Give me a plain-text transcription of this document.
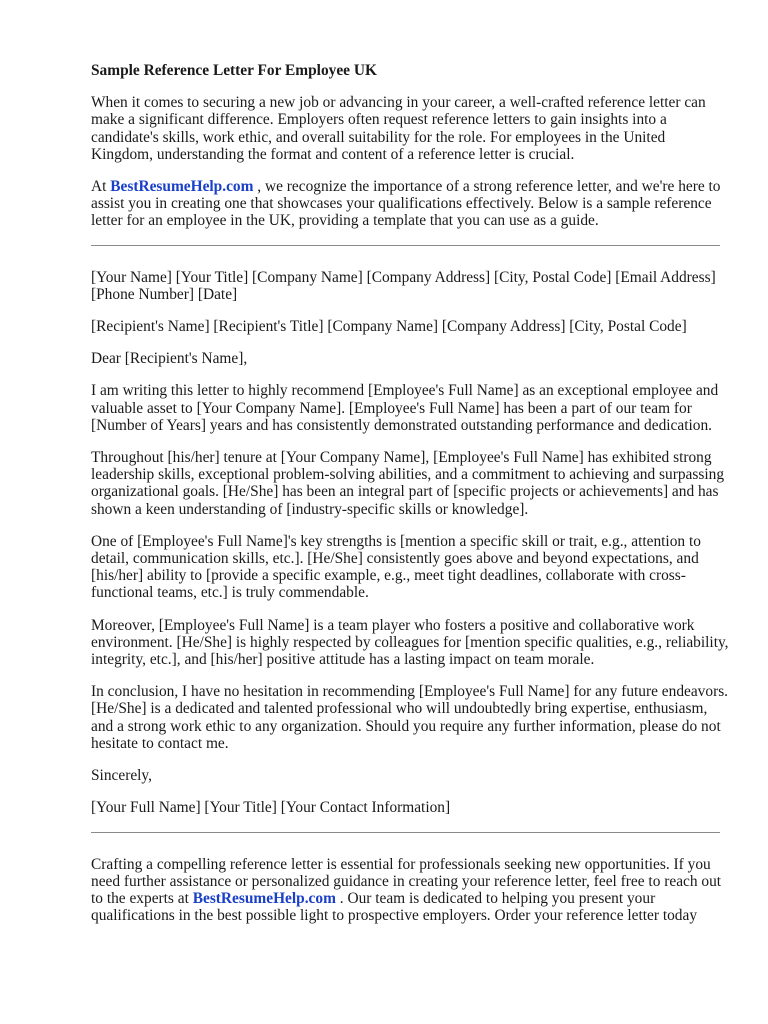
Sample Reference Letter For Employee UK

When it comes to securing a new job or advancing in your career, a well-crafted reference letter can make a significant difference. Employers often request reference letters to gain insights into a candidate's skills, work ethic, and overall suitability for the role. For employees in the United Kingdom, understanding the format and content of a reference letter is crucial.

At BestResumeHelp.com , we recognize the importance of a strong reference letter, and we're here to assist you in creating one that showcases your qualifications effectively. Below is a sample reference letter for an employee in the UK, providing a template that you can use as a guide.

[Your Name] [Your Title] [Company Name] [Company Address] [City, Postal Code] [Email Address] [Phone Number] [Date]

[Recipient's Name] [Recipient's Title] [Company Name] [Company Address] [City, Postal Code]

Dear [Recipient's Name],

I am writing this letter to highly recommend [Employee's Full Name] as an exceptional employee and valuable asset to [Your Company Name]. [Employee's Full Name] has been a part of our team for [Number of Years] years and has consistently demonstrated outstanding performance and dedication.

Throughout [his/her] tenure at [Your Company Name], [Employee's Full Name] has exhibited strong leadership skills, exceptional problem-solving abilities, and a commitment to achieving and surpassing organizational goals. [He/She] has been an integral part of [specific projects or achievements] and has shown a keen understanding of [industry-specific skills or knowledge].

One of [Employee's Full Name]'s key strengths is [mention a specific skill or trait, e.g., attention to detail, communication skills, etc.]. [He/She] consistently goes above and beyond expectations, and [his/her] ability to [provide a specific example, e.g., meet tight deadlines, collaborate with cross-functional teams, etc.] is truly commendable.

Moreover, [Employee's Full Name] is a team player who fosters a positive and collaborative work environment. [He/She] is highly respected by colleagues for [mention specific qualities, e.g., reliability, integrity, etc.], and [his/her] positive attitude has a lasting impact on team morale.

In conclusion, I have no hesitation in recommending [Employee's Full Name] for any future endeavors. [He/She] is a dedicated and talented professional who will undoubtedly bring expertise, enthusiasm, and a strong work ethic to any organization. Should you require any further information, please do not hesitate to contact me.

Sincerely,

[Your Full Name] [Your Title] [Your Contact Information]

Crafting a compelling reference letter is essential for professionals seeking new opportunities. If you need further assistance or personalized guidance in creating your reference letter, feel free to reach out to the experts at BestResumeHelp.com . Our team is dedicated to helping you present your qualifications in the best possible light to prospective employers. Order your reference letter today
